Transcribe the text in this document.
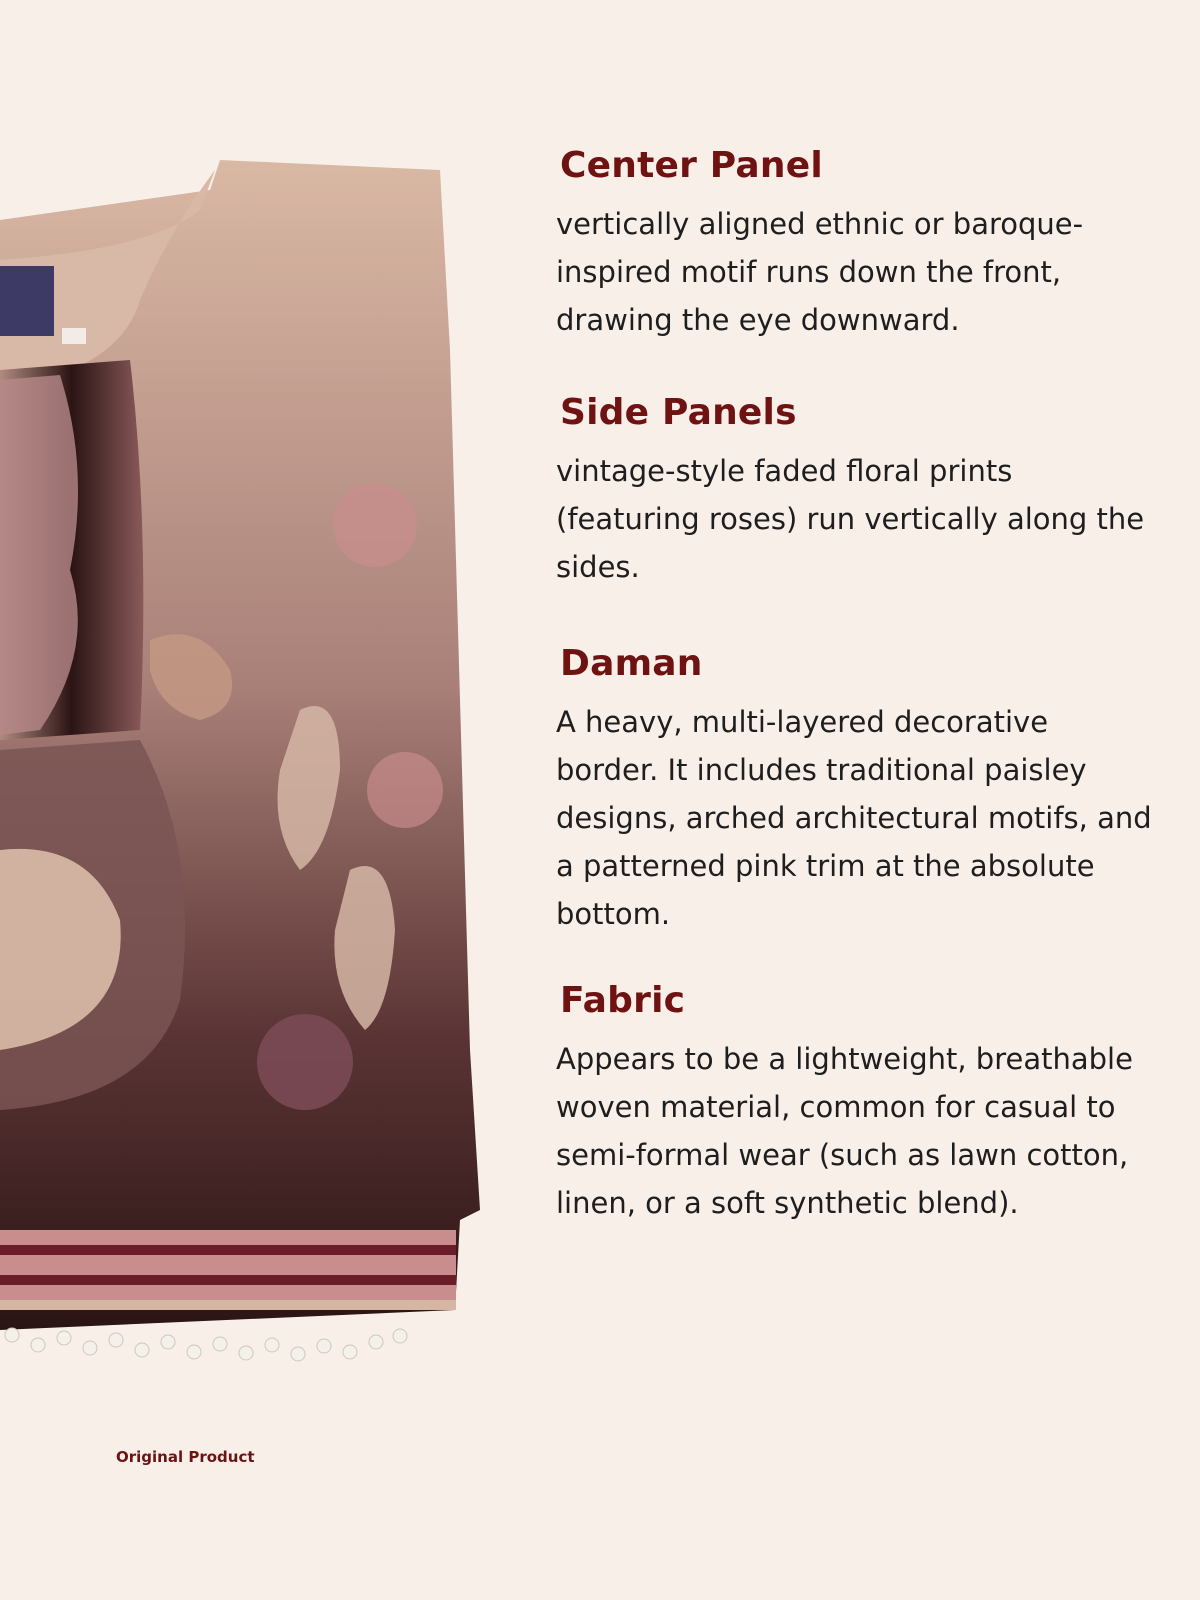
Original Product
Center Panel

vertically aligned ethnic or baroque-inspired motif runs down the front, drawing the eye downward.

Side Panels

vintage-style faded floral prints (featuring roses) run vertically along the sides.

Daman

A heavy, multi-layered decorative border. It includes traditional paisley designs, arched architectural motifs, and a patterned pink trim at the absolute bottom.

Fabric

Appears to be a lightweight, breathable woven material, common for casual to semi-formal wear (such as lawn cotton, linen, or a soft synthetic blend).
